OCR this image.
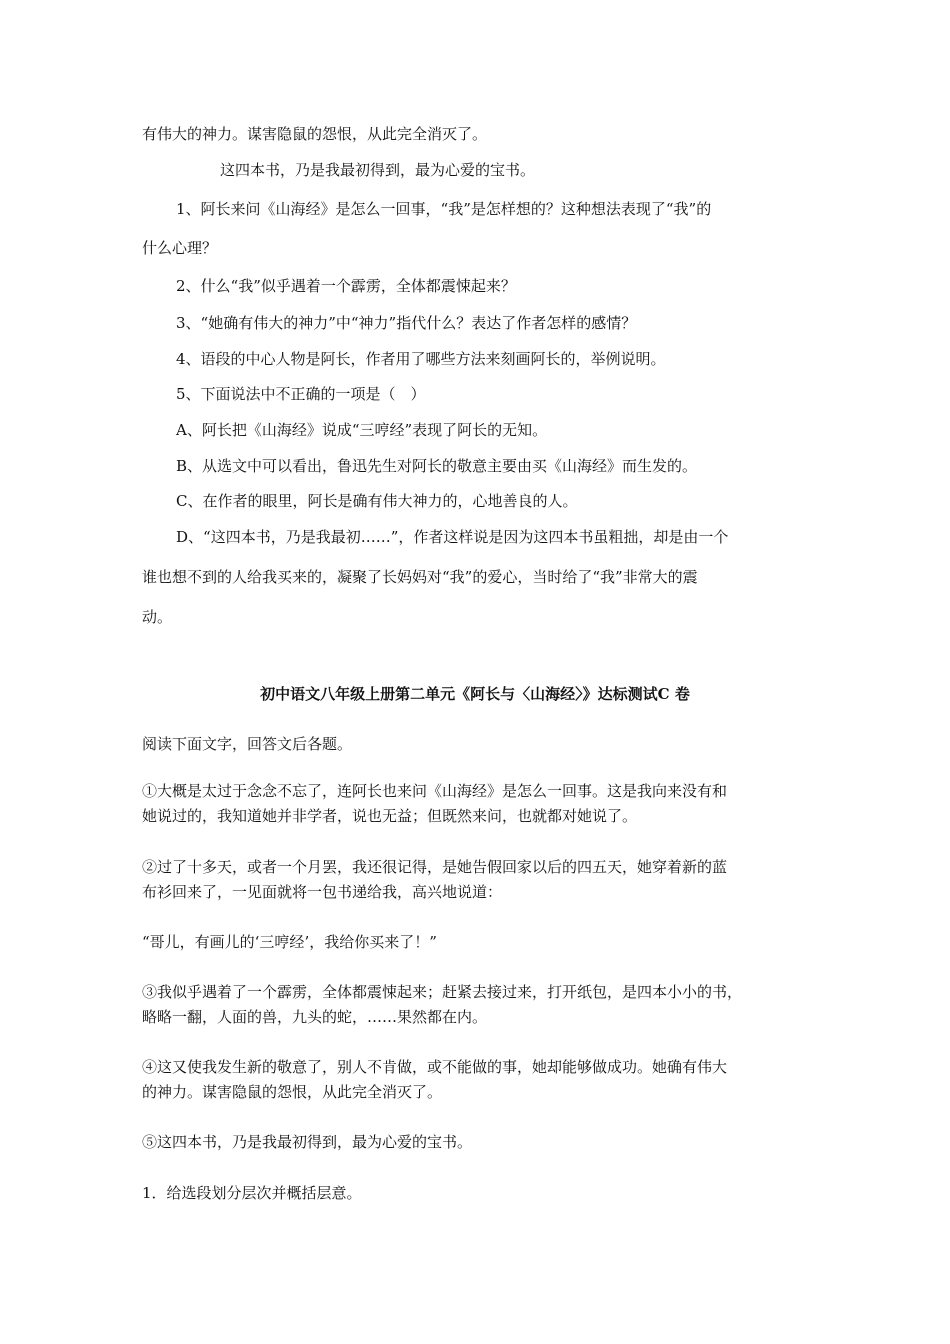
有伟大的神力。谋害隐鼠的怨恨，从此完全消灭了。

这四本书，乃是我最初得到，最为心爱的宝书。

1、阿长来问《山海经》是怎么一回事，“我”是怎样想的？这种想法表现了“我”的

什么心理？

2、什么“我”似乎遇着一个霹雳，全体都震悚起来？

3、“她确有伟大的神力”中“神力”指代什么？表达了作者怎样的感情？

4、语段的中心人物是阿长，作者用了哪些方法来刻画阿长的，举例说明。

5、下面说法中不正确的一项是（　）

A、阿长把《山海经》说成“三哼经”表现了阿长的无知。

B、从选文中可以看出，鲁迅先生对阿长的敬意主要由买《山海经》而生发的。

C、在作者的眼里，阿长是确有伟大神力的，心地善良的人。

D、“这四本书，乃是我最初……”，作者这样说是因为这四本书虽粗拙，却是由一个

谁也想不到的人给我买来的，凝聚了长妈妈对“我”的爱心，当时给了“我”非常大的震

动。

初中语文八年级上册第二单元《阿长与〈山海经〉》达标测试C 卷

阅读下面文字，回答文后各题。

①大概是太过于念念不忘了，连阿长也来问《山海经》是怎么一回事。这是我向来没有和

她说过的，我知道她并非学者，说也无益；但既然来问，也就都对她说了。

②过了十多天，或者一个月罢，我还很记得，是她告假回家以后的四五天，她穿着新的蓝

布衫回来了，一见面就将一包书递给我，高兴地说道：

“哥儿，有画儿的‘三哼经’，我给你买来了！”

③我似乎遇着了一个霹雳，全体都震悚起来；赶紧去接过来，打开纸包，是四本小小的书，

略略一翻，人面的兽，九头的蛇，……果然都在内。

④这又使我发生新的敬意了，别人不肯做，或不能做的事，她却能够做成功。她确有伟大

的神力。谋害隐鼠的怨恨，从此完全消灭了。

⑤这四本书，乃是我最初得到，最为心爱的宝书。

1．给选段划分层次并概括层意。
